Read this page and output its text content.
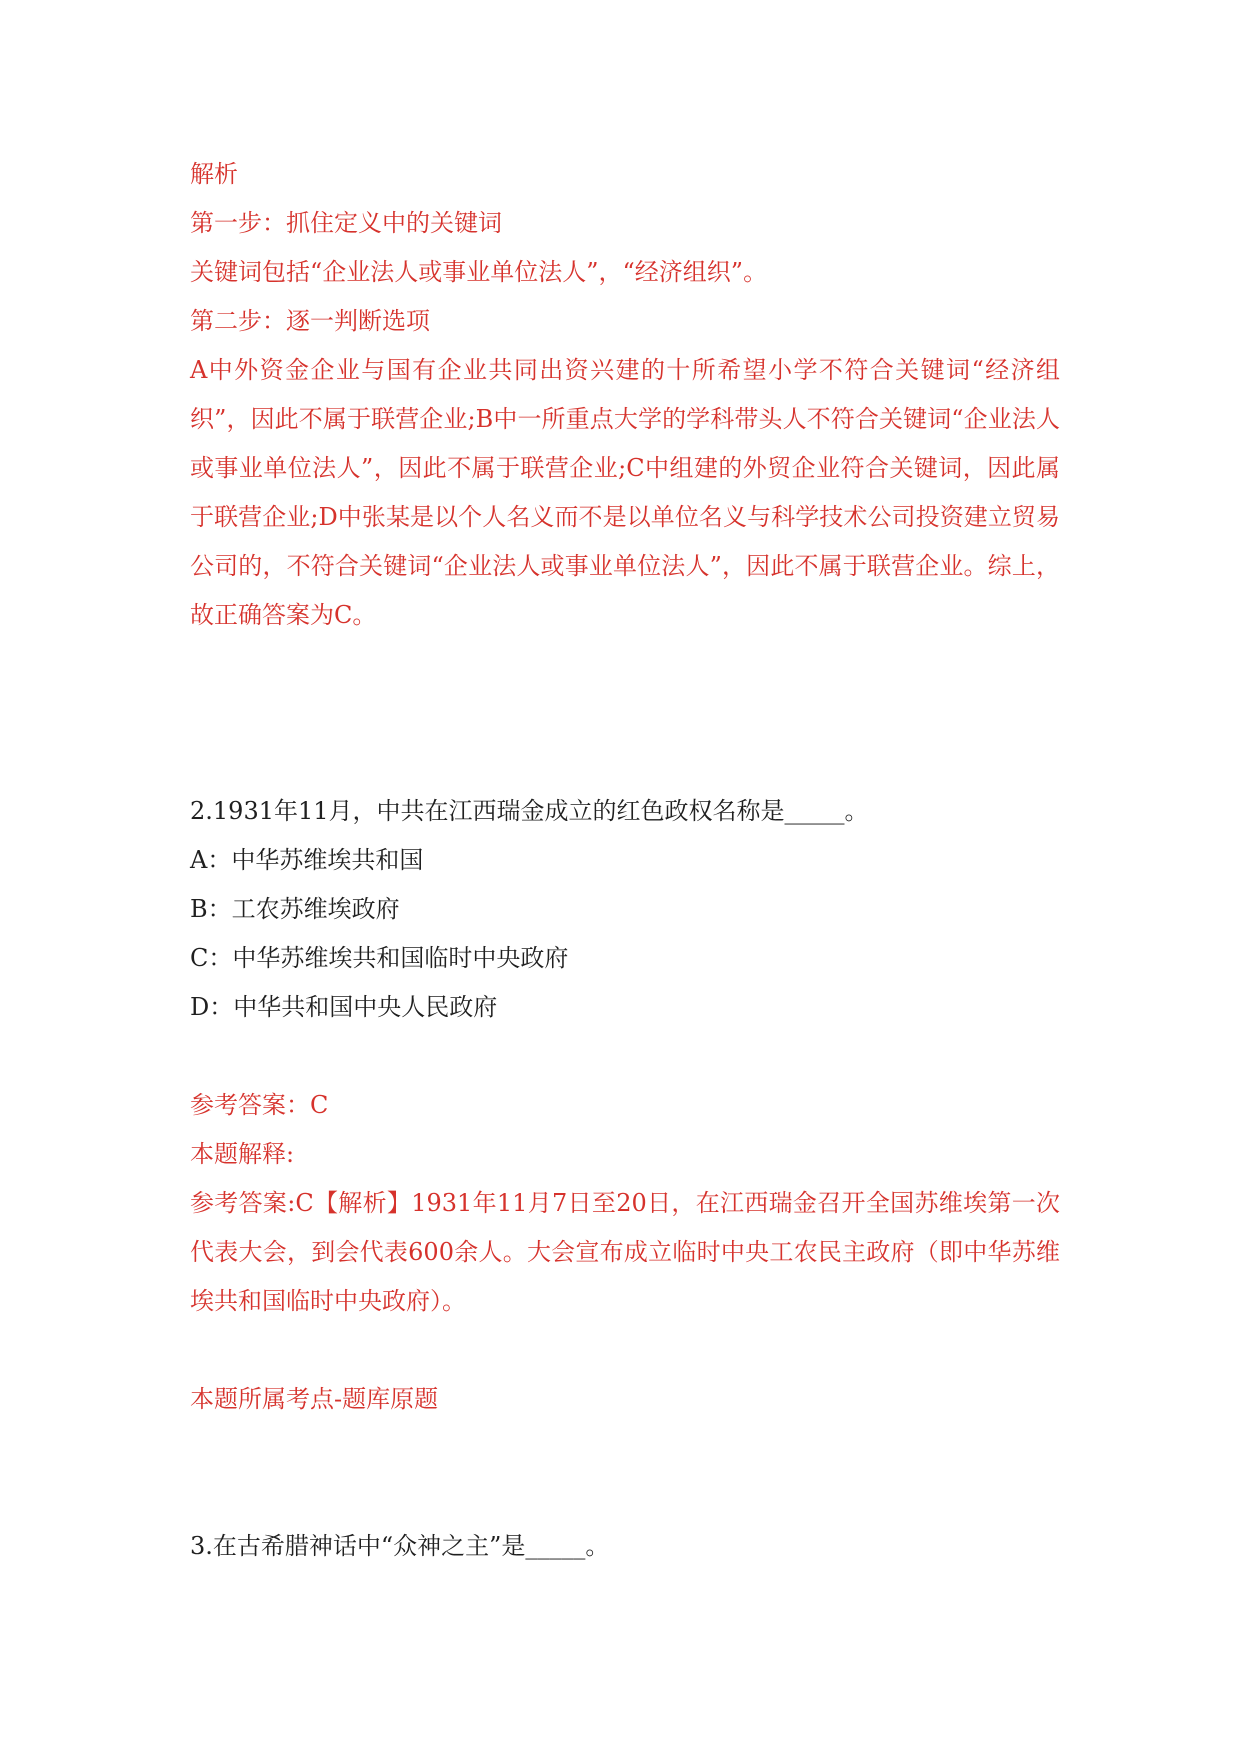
解析
第一步：抓住定义中的关键词
关键词包括“企业法人或事业单位法人”，“经济组织”。
第二步：逐一判断选项
A中外资金企业与国有企业共同出资兴建的十所希望小学不符合关键词“经济组织”，因此不属于联营企业;B中一所重点大学的学科带头人不符合关键词“企业法人或事业单位法人”，因此不属于联营企业;C中组建的外贸企业符合关键词，因此属于联营企业;D中张某是以个人名义而不是以单位名义与科学技术公司投资建立贸易公司的，不符合关键词“企业法人或事业单位法人”，因此不属于联营企业。综上，故正确答案为C。
2.1931年11月，中共在江西瑞金成立的红色政权名称是_____。
A：中华苏维埃共和国
B：工农苏维埃政府
C：中华苏维埃共和国临时中央政府
D：中华共和国中央人民政府
参考答案：C
本题解释:
参考答案:C【解析】1931年11月7日至20日，在江西瑞金召开全国苏维埃第一次代表大会，到会代表600余人。大会宣布成立临时中央工农民主政府（即中华苏维埃共和国临时中央政府）。
本题所属考点-题库原题
3.在古希腊神话中“众神之主”是_____。
